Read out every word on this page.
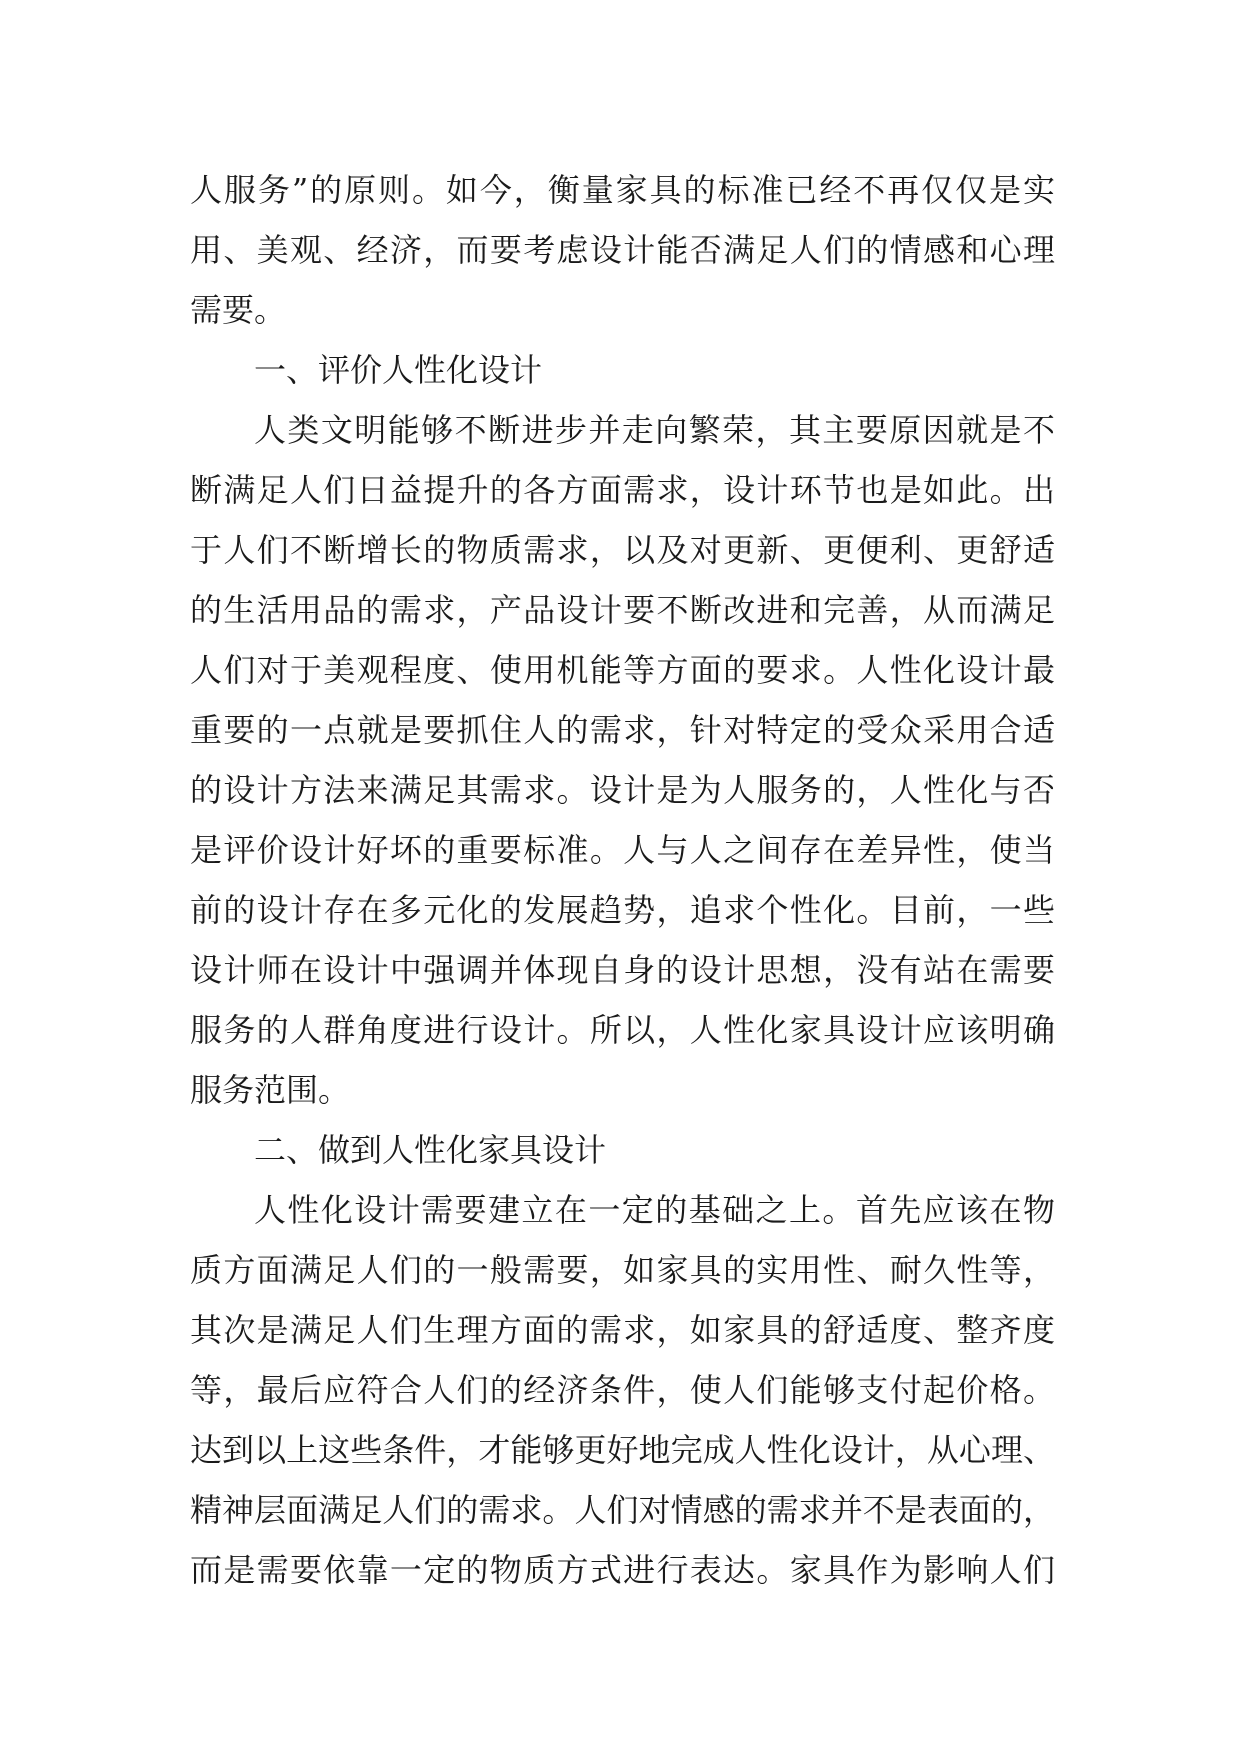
人服务”的原则。如今，衡量家具的标准已经不再仅仅是实
用、美观、经济，而要考虑设计能否满足人们的情感和心理
需要。
一、评价人性化设计
人类文明能够不断进步并走向繁荣，其主要原因就是不
断满足人们日益提升的各方面需求，设计环节也是如此。出
于人们不断增长的物质需求，以及对更新、更便利、更舒适
的生活用品的需求，产品设计要不断改进和完善，从而满足
人们对于美观程度、使用机能等方面的要求。人性化设计最
重要的一点就是要抓住人的需求，针对特定的受众采用合适
的设计方法来满足其需求。设计是为人服务的，人性化与否
是评价设计好坏的重要标准。人与人之间存在差异性，使当
前的设计存在多元化的发展趋势，追求个性化。目前，一些
设计师在设计中强调并体现自身的设计思想，没有站在需要
服务的人群角度进行设计。所以，人性化家具设计应该明确
服务范围。
二、做到人性化家具设计
人性化设计需要建立在一定的基础之上。首先应该在物
质方面满足人们的一般需要，如家具的实用性、耐久性等，
其次是满足人们生理方面的需求，如家具的舒适度、整齐度
等，最后应符合人们的经济条件，使人们能够支付起价格。
达到以上这些条件，才能够更好地完成人性化设计，从心理、
精神层面满足人们的需求。人们对情感的需求并不是表面的，
而是需要依靠一定的物质方式进行表达。家具作为影响人们
